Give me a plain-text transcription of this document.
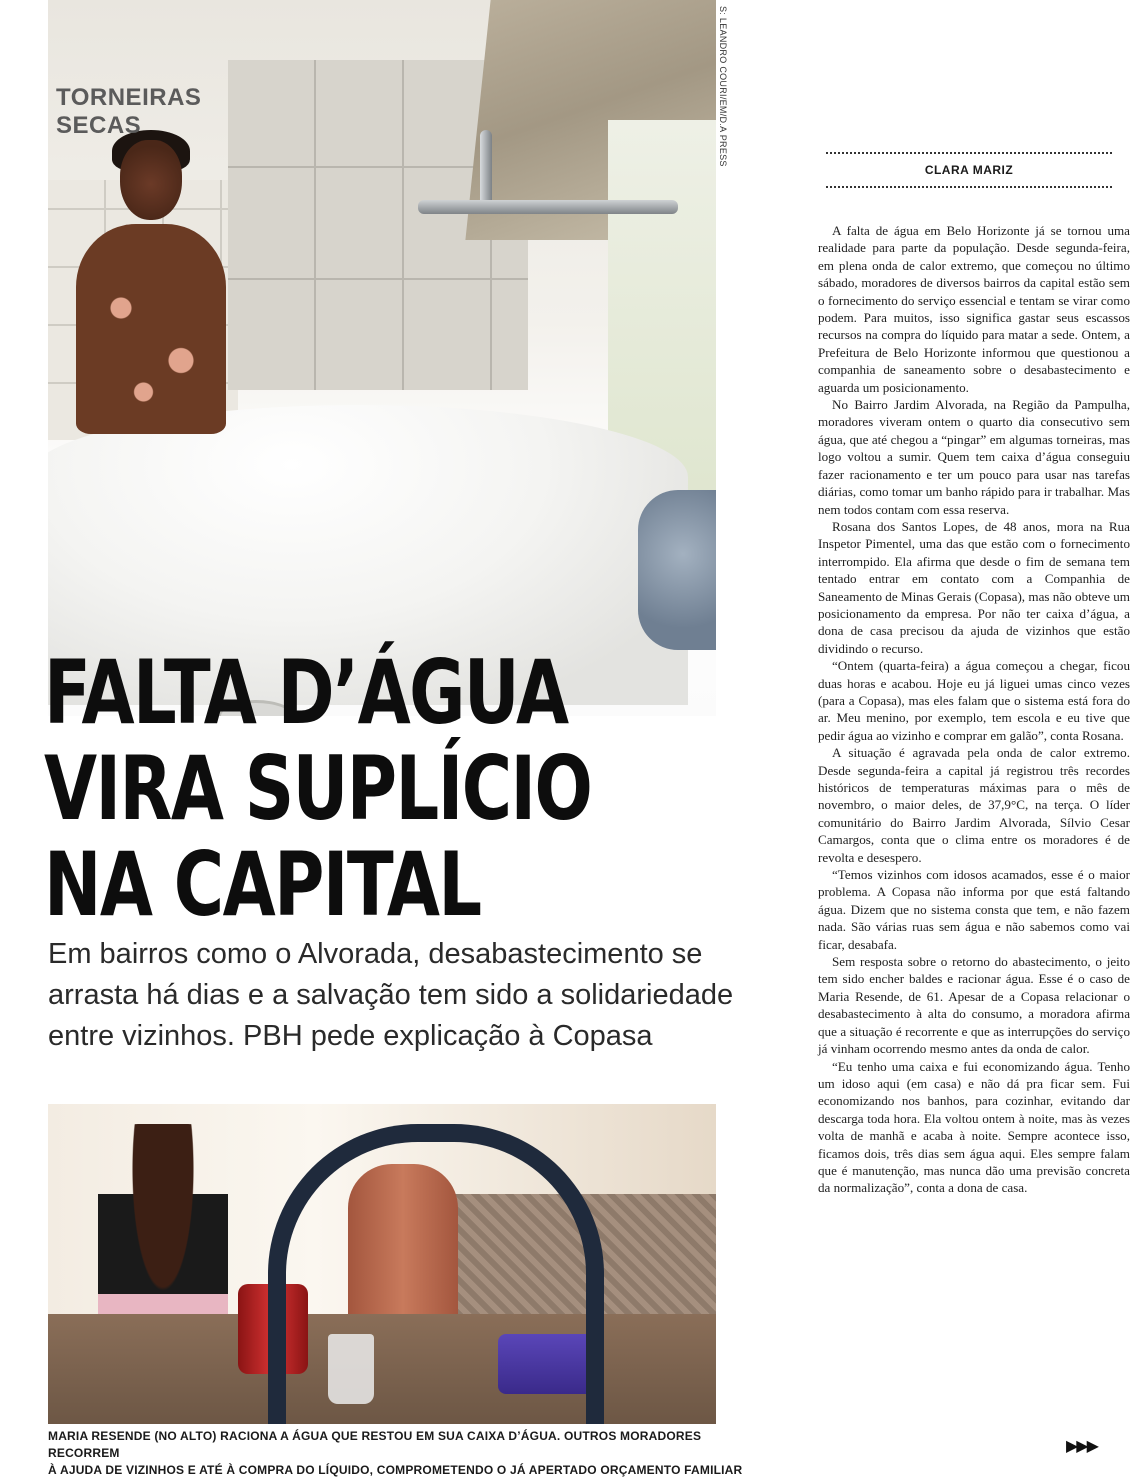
S: LEANDRO COURI/EM/D.A PRESS
TORNEIRAS
SECAS
CLARA MARIZ
FALTA D’ÁGUA
VIRA SUPLÍCIO
NA CAPITAL
Em bairros como o Alvorada, desabastecimento se arrasta há dias e a salvação tem sido a solidariedade entre vizinhos. PBH pede explicação à Copasa
MARIA RESENDE (NO ALTO) RACIONA A ÁGUA QUE RESTOU EM SUA CAIXA D’ÁGUA. OUTROS MORADORES RECORREM
À AJUDA DE VIZINHOS E ATÉ À COMPRA DO LÍQUIDO, COMPROMETENDO O JÁ APERTADO ORÇAMENTO FAMILIAR

A falta de água em Belo Horizonte já se tornou uma realidade para parte da população. Desde segunda-feira, em plena onda de calor extremo, que começou no último sábado, moradores de diversos bairros da capital estão sem o fornecimento do serviço essencial e tentam se virar como podem. Para muitos, isso significa gastar seus escassos recursos na compra do líquido para matar a sede. Ontem, a Prefeitura de Belo Horizonte informou que questionou a companhia de saneamento sobre o desabastecimento e aguarda um posicionamento.

No Bairro Jardim Alvorada, na Região da Pampulha, moradores viveram ontem o quarto dia consecutivo sem água, que até chegou a “pingar” em algumas torneiras, mas logo voltou a sumir. Quem tem caixa d’água conseguiu fazer racionamento e ter um pouco para usar nas tarefas diárias, como tomar um banho rápido para ir trabalhar. Mas nem todos contam com essa reserva.

Rosana dos Santos Lopes, de 48 anos, mora na Rua Inspetor Pimentel, uma das que estão com o fornecimento interrompido. Ela afirma que desde o fim de semana tem tentado entrar em contato com a Companhia de Saneamento de Minas Gerais (Copasa), mas não obteve um posicionamento da empresa. Por não ter caixa d’água, a dona de casa precisou da ajuda de vizinhos que estão dividindo o recurso.

“Ontem (quarta-feira) a água começou a chegar, ficou duas horas e acabou. Hoje eu já liguei umas cinco vezes (para a Copasa), mas eles falam que o sistema está fora do ar. Meu menino, por exemplo, tem escola e eu tive que pedir água ao vizinho e comprar em galão”, conta Rosana.

A situação é agravada pela onda de calor extremo. Desde segunda-feira a capital já registrou três recordes históricos de temperaturas máximas para o mês de novembro, o maior deles, de 37,9°C, na terça. O líder comunitário do Bairro Jardim Alvorada, Sílvio Cesar Camargos, conta que o clima entre os moradores é de revolta e desespero.

“Temos vizinhos com idosos acamados, esse é o maior problema. A Copasa não informa por que está faltando água. Dizem que no sistema consta que tem, e não fazem nada. São várias ruas sem água e não sabemos como vai ficar, desabafa.

Sem resposta sobre o retorno do abastecimento, o jeito tem sido encher baldes e racionar água. Esse é o caso de Maria Resende, de 61. Apesar de a Copasa relacionar o desabastecimento à alta do consumo, a moradora afirma que a situação é recorrente e que as interrupções do serviço já vinham ocorrendo mesmo antes da onda de calor.

“Eu tenho uma caixa e fui economizando água. Tenho um idoso aqui (em casa) e não dá pra ficar sem. Fui economizando nos banhos, para cozinhar, evitando dar descarga toda hora. Ela voltou ontem à noite, mas às vezes volta de manhã e acaba à noite. Sempre acontece isso, ficamos dois, três dias sem água aqui. Eles sempre falam que é manutenção, mas nunca dão uma previsão concreta da normalização”, conta a dona de casa.

▶▶▶
